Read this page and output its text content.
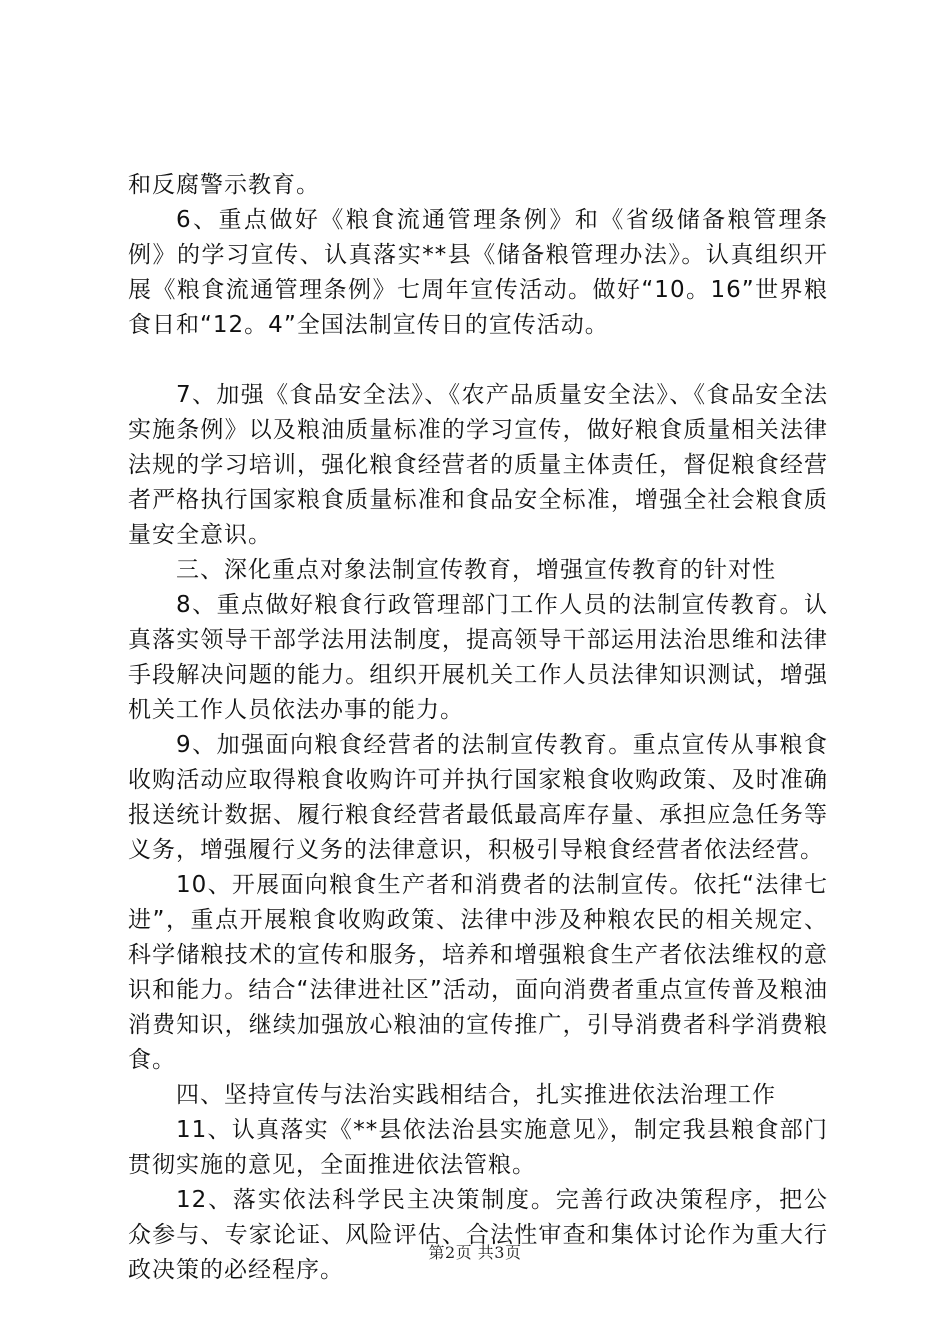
和反腐警示教育。

6、重点做好《粮食流通管理条例》和《省级储备粮管理条例》的学习宣传、认真落实**县《储备粮管理办法》。认真组织开展《粮食流通管理条例》七周年宣传活动。做好“10。16”世界粮食日和“12。4”全国法制宣传日的宣传活动。

7、加强《食品安全法》、《农产品质量安全法》、《食品安全法实施条例》以及粮油质量标准的学习宣传，做好粮食质量相关法律法规的学习培训，强化粮食经营者的质量主体责任，督促粮食经营者严格执行国家粮食质量标准和食品安全标准，增强全社会粮食质量安全意识。

三、深化重点对象法制宣传教育，增强宣传教育的针对性

8、重点做好粮食行政管理部门工作人员的法制宣传教育。认真落实领导干部学法用法制度，提高领导干部运用法治思维和法律手段解决问题的能力。组织开展机关工作人员法律知识测试，增强机关工作人员依法办事的能力。

9、加强面向粮食经营者的法制宣传教育。重点宣传从事粮食收购活动应取得粮食收购许可并执行国家粮食收购政策、及时准确报送统计数据、履行粮食经营者最低最高库存量、承担应急任务等义务，增强履行义务的法律意识，积极引导粮食经营者依法经营。

10、开展面向粮食生产者和消费者的法制宣传。依托“法律七进”，重点开展粮食收购政策、法律中涉及种粮农民的相关规定、科学储粮技术的宣传和服务，培养和增强粮食生产者依法维权的意识和能力。结合“法律进社区”活动，面向消费者重点宣传普及粮油消费知识，继续加强放心粮油的宣传推广，引导消费者科学消费粮食。

四、坚持宣传与法治实践相结合，扎实推进依法治理工作

11、认真落实《**县依法治县实施意见》，制定我县粮食部门贯彻实施的意见，全面推进依法管粮。

12、落实依法科学民主决策制度。完善行政决策程序，把公众参与、专家论证、风险评估、合法性审查和集体讨论作为重大行政决策的必经程序。

第2页 共3页
